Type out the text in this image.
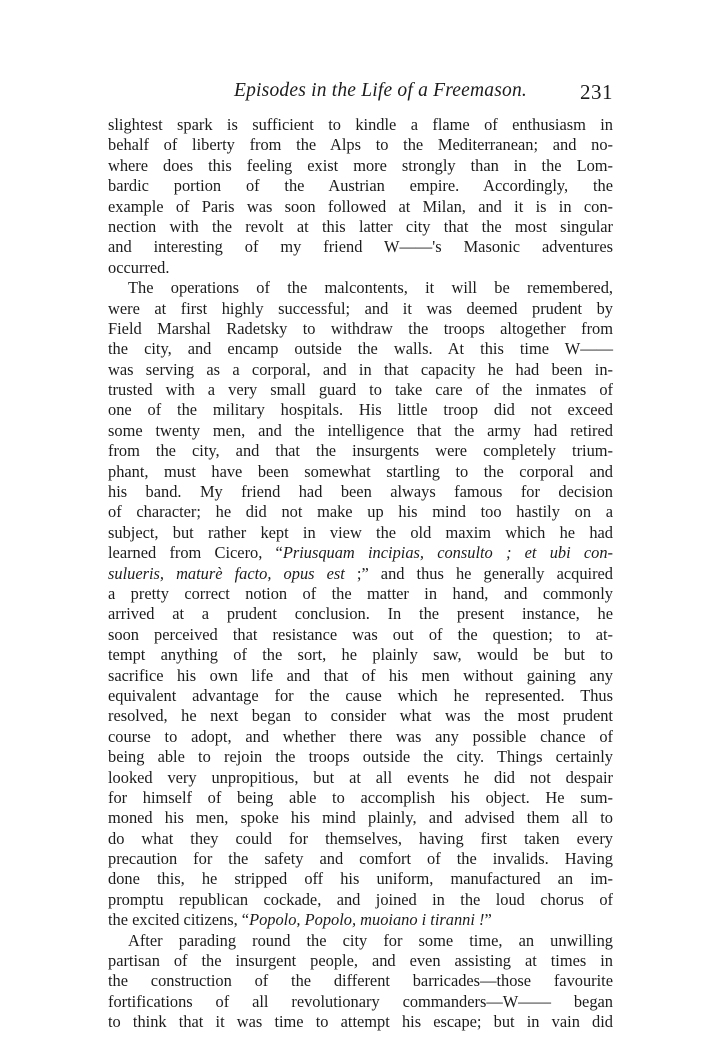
Episodes in the Life of a Freemason.	231
slightest spark is sufficient to kindle a flame of enthusiasm in
behalf of liberty from the Alps to the Mediterranean; and no-
where does this feeling exist more strongly than in the Lom-
bardic portion of the Austrian empire. Accordingly, the
example of Paris was soon followed at Milan, and it is in con-
nection with the revolt at this latter city that the most singular
and interesting of my friend W——'s Masonic adventures
occurred.
The operations of the malcontents, it will be remembered,
were at first highly successful; and it was deemed prudent by
Field Marshal Radetsky to withdraw the troops altogether from
the city, and encamp outside the walls. At this time W——
was serving as a corporal, and in that capacity he had been in-
trusted with a very small guard to take care of the inmates of
one of the military hospitals. His little troop did not exceed
some twenty men, and the intelligence that the army had retired
from the city, and that the insurgents were completely trium-
phant, must have been somewhat startling to the corporal and
his band. My friend had been always famous for decision
of character; he did not make up his mind too hastily on a
subject, but rather kept in view the old maxim which he had
learned from Cicero, “Priusquam incipias, consulto ; et ubi con-
sulueris, maturè facto, opus est ;” and thus he generally acquired
a pretty correct notion of the matter in hand, and commonly
arrived at a prudent conclusion. In the present instance, he
soon perceived that resistance was out of the question; to at-
tempt anything of the sort, he plainly saw, would be but to
sacrifice his own life and that of his men without gaining any
equivalent advantage for the cause which he represented. Thus
resolved, he next began to consider what was the most prudent
course to adopt, and whether there was any possible chance of
being able to rejoin the troops outside the city. Things certainly
looked very unpropitious, but at all events he did not despair
for himself of being able to accomplish his object. He sum-
moned his men, spoke his mind plainly, and advised them all to
do what they could for themselves, having first taken every
precaution for the safety and comfort of the invalids. Having
done this, he stripped off his uniform, manufactured an im-
promptu republican cockade, and joined in the loud chorus of
the excited citizens, “Popolo, Popolo, muoiano i tiranni !”
After parading round the city for some time, an unwilling
partisan of the insurgent people, and even assisting at times in
the construction of the different barricades—those favourite
fortifications of all revolutionary commanders—W—— began
to think that it was time to attempt his escape; but in vain did
